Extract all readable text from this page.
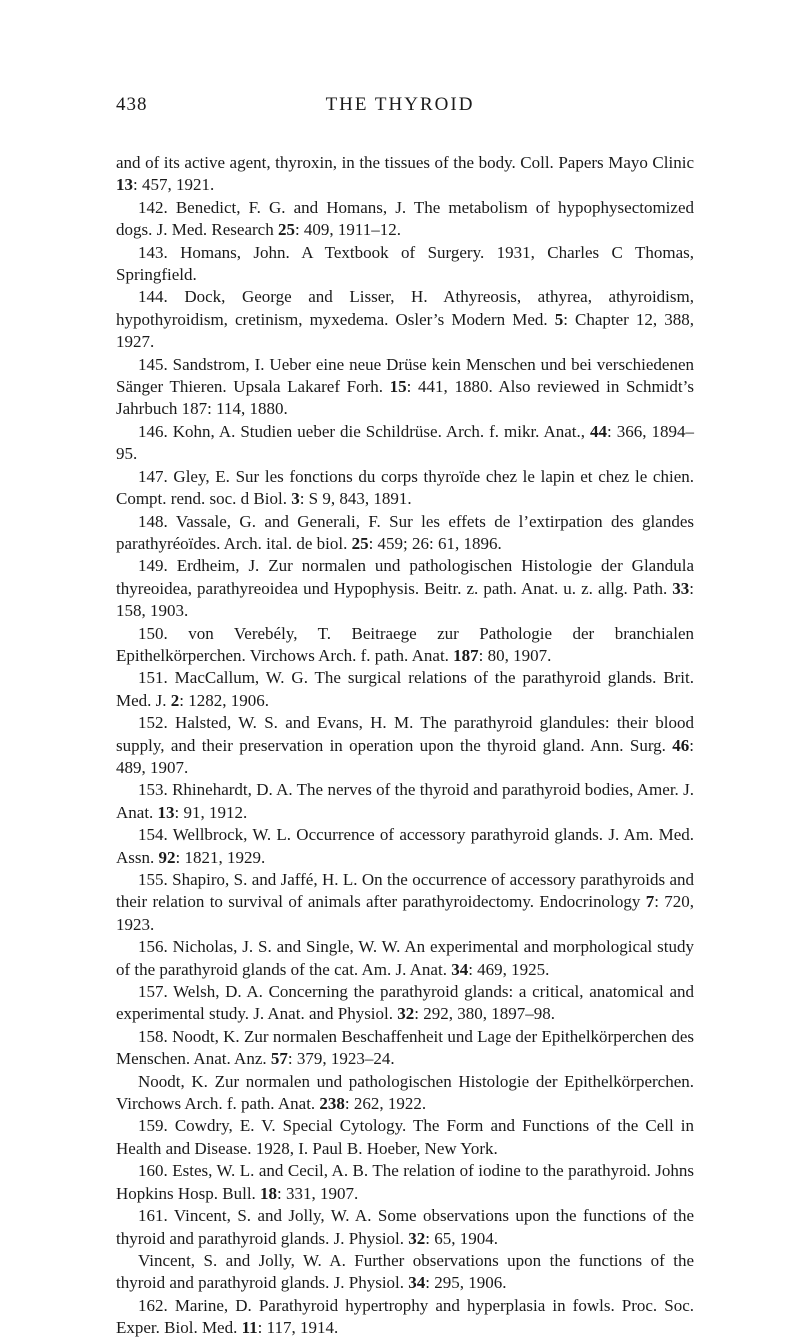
438	THE THYROID

and of its active agent, thyroxin, in the tissues of the body. Coll. Papers Mayo Clinic 13: 457, 1921.

142. Benedict, F. G. and Homans, J. The metabolism of hypophysectomized dogs. J. Med. Research 25: 409, 1911–12.

143. Homans, John. A Textbook of Surgery. 1931, Charles C Thomas, Springfield.

144. Dock, George and Lisser, H. Athyreosis, athyrea, athyroidism, hypothyroidism, cretinism, myxedema. Osler’s Modern Med. 5: Chapter 12, 388, 1927.

145. Sandstrom, I. Ueber eine neue Drüse kein Menschen und bei verschiedenen Sänger Thieren. Upsala Lakaref Forh. 15: 441, 1880. Also reviewed in Schmidt’s Jahrbuch 187: 114, 1880.

146. Kohn, A. Studien ueber die Schildrüse. Arch. f. mikr. Anat., 44: 366, 1894–95.

147. Gley, E. Sur les fonctions du corps thyroïde chez le lapin et chez le chien. Compt. rend. soc. d Biol. 3: S 9, 843, 1891.

148. Vassale, G. and Generali, F. Sur les effets de l’extirpation des glandes parathyréoïdes. Arch. ital. de biol. 25: 459; 26: 61, 1896.

149. Erdheim, J. Zur normalen und pathologischen Histologie der Glandula thyreoidea, parathyreoidea und Hypophysis. Beitr. z. path. Anat. u. z. allg. Path. 33: 158, 1903.

150. von Verebély, T. Beitraege zur Pathologie der branchialen Epithelkörperchen. Virchows Arch. f. path. Anat. 187: 80, 1907.

151. MacCallum, W. G. The surgical relations of the parathyroid glands. Brit. Med. J. 2: 1282, 1906.

152. Halsted, W. S. and Evans, H. M. The parathyroid glandules: their blood supply, and their preservation in operation upon the thyroid gland. Ann. Surg. 46: 489, 1907.

153. Rhinehardt, D. A. The nerves of the thyroid and parathyroid bodies, Amer. J. Anat. 13: 91, 1912.

154. Wellbrock, W. L. Occurrence of accessory parathyroid glands. J. Am. Med. Assn. 92: 1821, 1929.

155. Shapiro, S. and Jaffé, H. L. On the occurrence of accessory parathyroids and their relation to survival of animals after parathyroidectomy. Endocrinology 7: 720, 1923.

156. Nicholas, J. S. and Single, W. W. An experimental and morphological study of the parathyroid glands of the cat. Am. J. Anat. 34: 469, 1925.

157. Welsh, D. A. Concerning the parathyroid glands: a critical, anatomical and experimental study. J. Anat. and Physiol. 32: 292, 380, 1897–98.

158. Noodt, K. Zur normalen Beschaffenheit und Lage der Epithelkörperchen des Menschen. Anat. Anz. 57: 379, 1923–24.

Noodt, K. Zur normalen und pathologischen Histologie der Epithelkörperchen. Virchows Arch. f. path. Anat. 238: 262, 1922.

159. Cowdry, E. V. Special Cytology. The Form and Functions of the Cell in Health and Disease. 1928, I. Paul B. Hoeber, New York.

160. Estes, W. L. and Cecil, A. B. The relation of iodine to the parathyroid. Johns Hopkins Hosp. Bull. 18: 331, 1907.

161. Vincent, S. and Jolly, W. A. Some observations upon the functions of the thyroid and parathyroid glands. J. Physiol. 32: 65, 1904.

Vincent, S. and Jolly, W. A. Further observations upon the functions of the thyroid and parathyroid glands. J. Physiol. 34: 295, 1906.

162. Marine, D. Parathyroid hypertrophy and hyperplasia in fowls. Proc. Soc. Exper. Biol. Med. 11: 117, 1914.
